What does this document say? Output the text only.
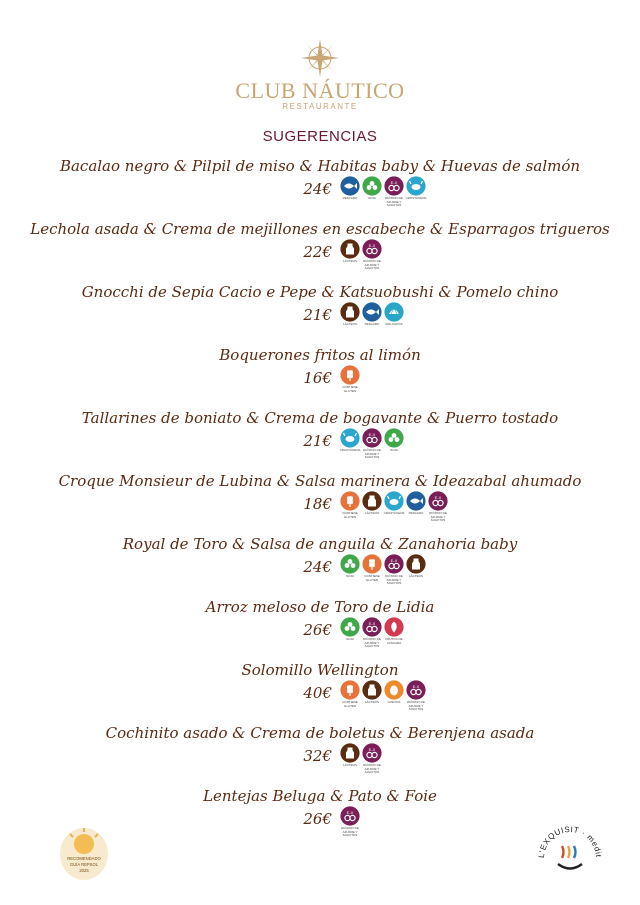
CLUB NÁUTICO
RESTAURANTE
SUGERENCIAS
Bacalao negro & Pilpil de miso & Habitas baby & Huevas de salmón
24€	PESCADO	SOJA
E-X
DIÓXIDO DE AZUFRE Y SULFITOS
CRUSTÁCEOS
Lechola asada & Crema de mejillones en escabeche & Esparragos trigueros
22€	LÁCTEOS
E-X
DIÓXIDO DE AZUFRE Y SULFITOS
Gnocchi de Sepia Cacio e Pepe & Katsuobushi & Pomelo chino
21€	LÁCTEOS	PESCADO	MOLUSCOS
Boquerones fritos al limón
16€	CONTIENE GLUTEN
Tallarines de boniato & Crema de bogavante & Puerro tostado
21€	CRUSTÁCEOS
E-X
DIÓXIDO DE AZUFRE Y SULFITOS
SOJA
Croque Monsieur de Lubina & Salsa marinera & Ideazabal ahumado
18€	CONTIENE GLUTEN
LÁCTEOS	CRUSTÁCEOS	PESCADO
E-X
DIÓXIDO DE AZUFRE Y SULFITOS
Royal de Toro & Salsa de anguila & Zanahoria baby
24€	SOJA	CONTIENE GLUTEN
E-X
DIÓXIDO DE AZUFRE Y SULFITOS
LÁCTEOS
Arroz meloso de Toro de Lidia
26€	SOJA
E-X
DIÓXIDO DE AZUFRE Y SULFITOS
FRUTOS DE CÁSCARA
Solomillo Wellington
40€	CONTIENE GLUTEN
LÁCTEOS	HUEVOS
E-X
DIÓXIDO DE AZUFRE Y SULFITOS
Cochinito asado & Crema de boletus & Berenjena asada
32€	LÁCTEOS
E-X
DIÓXIDO DE AZUFRE Y SULFITOS
Lentejas Beluga & Pato & Foie
26€	E-X
DIÓXIDO DE AZUFRE Y SULFITOS
RECOMENDADO
GUÍA REPSOL
2025
L'EXQUISIT · medit
